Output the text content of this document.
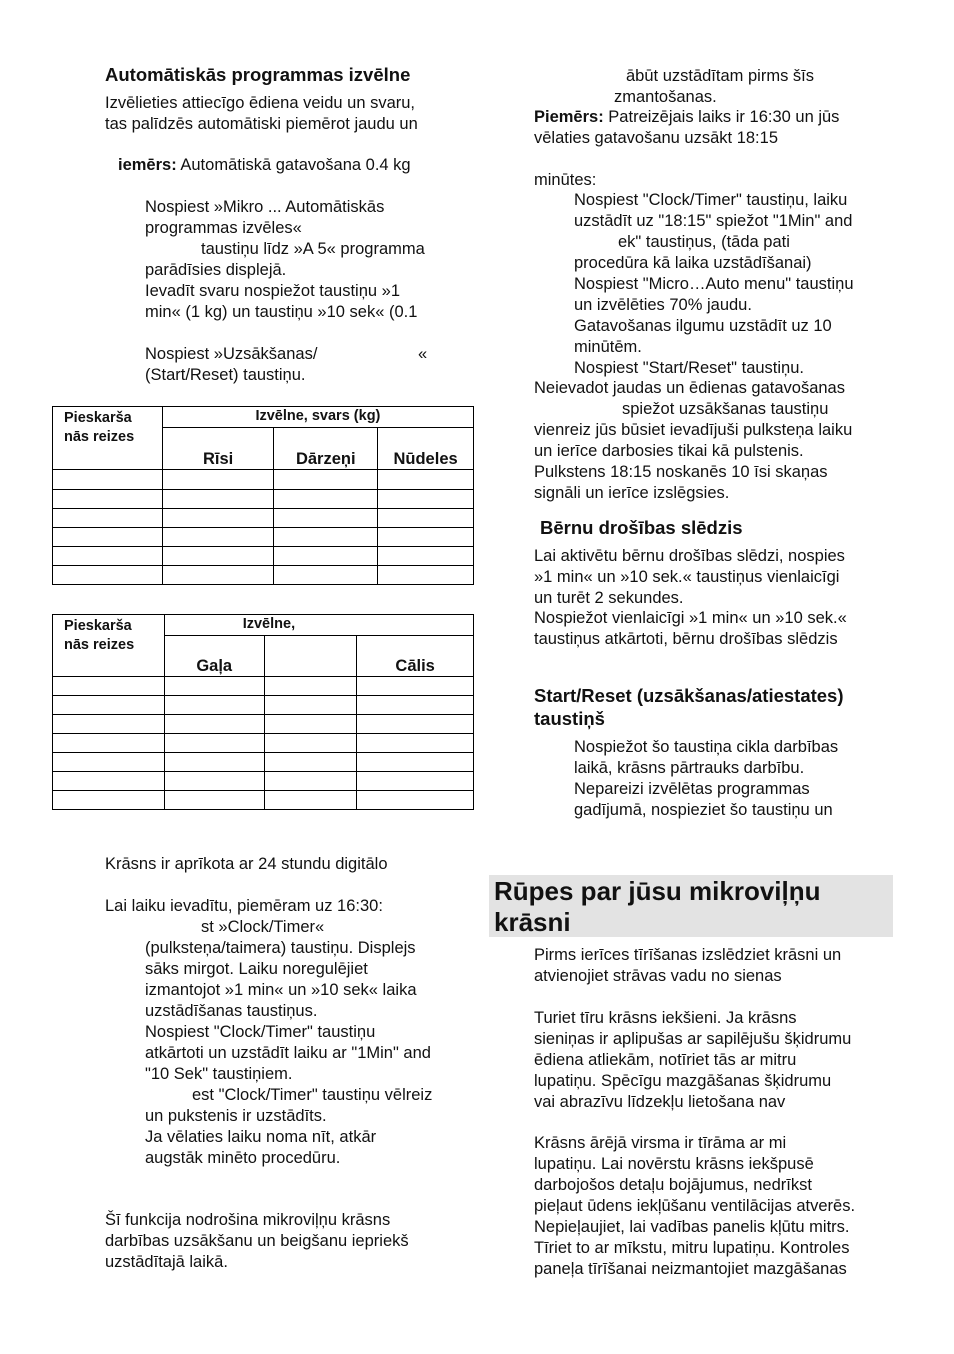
Automātiskās programmas izvēlne
Izvēlieties attiecīgo ēdiena veidu un svaru,
tas palīdzēs automātiski piemērot jaudu un
iemērs: Automātiskā gatavošana 0.4 kg
Nospiest »Mikro ... Automātiskās
programmas izvēles«
taustiņu līdz »A 5« programma
parādīsies displejā.
Ievadīt svaru nospiežot taustiņu »1
min« (1 kg) un taustiņu »10 sek« (0.1
Nospiest »Uzsākšanas/	«
(Start/Reset) taustiņu.
Pieskarša
nās reizes	Izvēlne, svars (kg)		
	Rīsi	Dārzeņi	Nūdeles

Pieskarša
nās reizes	Izvēlne,		
	Gaļa		Cālis

Krāsns ir aprīkota ar 24 stundu digitālo
Lai laiku ievadītu, piemēram uz 16:30:
st »Clock/Timer«
(pulksteņa/taimera) taustiņu. Displejs
sāks mirgot. Laiku noregulējiet
izmantojot »1 min« un »10 sek« laika
uzstādīšanas taustiņus.
Nospiest "Clock/Timer" taustiņu
atkārtoti un uzstādīt laiku ar "1Min" and
"10 Sek" taustiņiem.
est "Clock/Timer" taustiņu vēlreiz
un pukstenis ir uzstādīts.
Ja vēlaties laiku noma nīt, atkār
augstāk minēto procedūru.
Šī funkcija nodrošina mikroviļņu krāsns
darbības uzsākšanu un beigšanu iepriekš
uzstādītajā laikā.
ābūt uzstādītam pirms šīs
zmantošanas.
Piemērs: Patreizējais laiks ir 16:30 un jūs
vēlaties gatavošanu uzsākt 18:15
minūtes:
Nospiest "Clock/Timer" taustiņu, laiku
uzstādīt uz "18:15" spiežot "1Min" and
ek" taustiņus, (tāda pati
procedūra kā laika uzstādīšanai)
Nospiest "Micro…Auto menu" taustiņu
un izvēlēties 70% jaudu.
Gatavošanas ilgumu uzstādīt uz 10
minūtēm.
Nospiest "Start/Reset" taustiņu.
Neievadot jaudas un ēdienas gatavošanas
spiežot uzsākšanas taustiņu
vienreiz jūs būsiet ievadījuši pulksteņa laiku
un ierīce darbosies tikai kā pulstenis.
Pulkstens 18:15 noskanēs 10 īsi skaņas
signāli un ierīce izslēgsies.
Bērnu drošības slēdzis
Lai aktivētu bērnu drošības slēdzi, nospies
»1 min« un »10 sek.« taustiņus vienlaicīgi
un turēt 2 sekundes.
Nospiežot vienlaicīgi »1 min« un »10 sek.«
taustiņus atkārtoti, bērnu drošības slēdzis
Start/Reset (uzsākšanas/atiestates)
taustiņš
Nospiežot šo taustiņa cikla darbības
laikā, krāsns pārtrauks darbību.
Nepareizi izvēlētas programmas
gadījumā, nospieziet šo taustiņu un
Rūpes par jūsu mikroviļņu
krāsni
Pirms ierīces tīrīšanas izslēdziet krāsni un
atvienojiet strāvas vadu no sienas
Turiet tīru krāsns iekšieni. Ja krāsns
sieniņas ir aplipušas ar sapilējušu šķidrumu
ēdiena atliekām, notīriet tās ar mitru
lupatiņu. Spēcīgu mazgāšanas šķidrumu
vai abrazīvu līdzekļu lietošana nav
Krāsns ārējā virsma ir tīrāma ar mi
lupatiņu. Lai novērstu krāsns iekšpusē
darbojošos detaļu bojājumus, nedrīkst
pieļaut ūdens iekļūšanu ventilācijas atverēs.
Nepieļaujiet, lai vadības panelis kļūtu mitrs.
Tīriet to ar mīkstu, mitru lupatiņu. Kontroles
paneļa tīrīšanai neizmantojiet mazgāšanas
